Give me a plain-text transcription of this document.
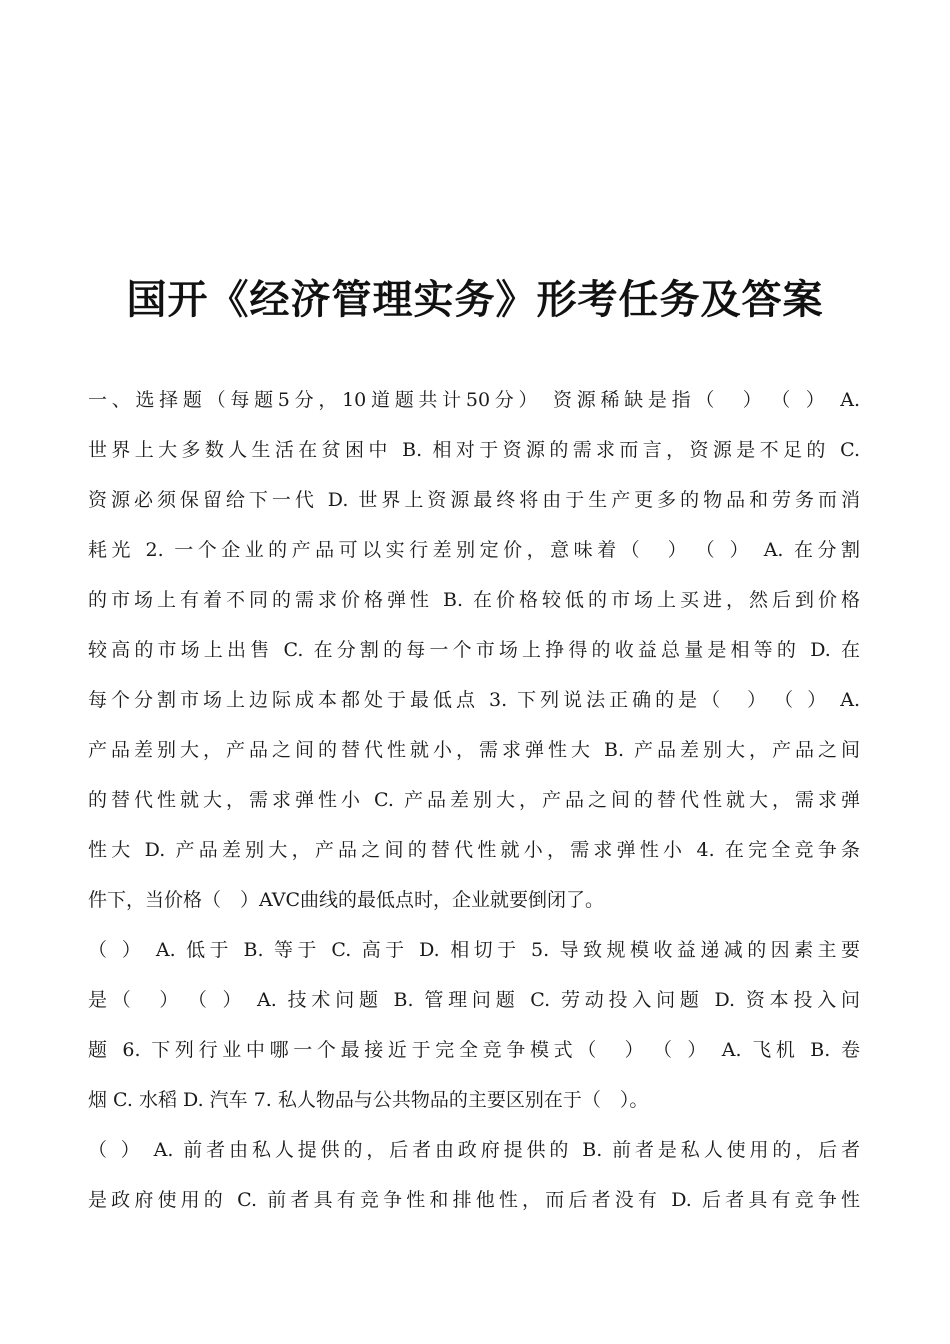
国开《经济管理实务》形考任务及答案
一、选择题（每题5分，10道题共计50分） 资源稀缺是指（　）　（ ） A.
世界上大多数人生活在贫困中 B. 相对于资源的需求而言，资源是不足的 C.
资源必须保留给下一代 D. 世界上资源最终将由于生产更多的物品和劳务而消
耗光 2. 一个企业的产品可以实行差别定价，意味着（　）　（ ） A. 在分割
的市场上有着不同的需求价格弹性 B. 在价格较低的市场上买进，然后到价格
较高的市场上出售 C. 在分割的每一个市场上挣得的收益总量是相等的 D. 在
每个分割市场上边际成本都处于最低点 3. 下列说法正确的是（　）　（ ） A.
产品差别大，产品之间的替代性就小，需求弹性大 B. 产品差别大，产品之间
的替代性就大，需求弹性小 C. 产品差别大，产品之间的替代性就大，需求弹
性大 D. 产品差别大，产品之间的替代性就小，需求弹性小 4. 在完全竞争条
件下，当价格（　）AVC曲线的最低点时，企业就要倒闭了。
（ ） A. 低于 B. 等于 C. 高于 D. 相切于 5. 导致规模收益递减的因素主要
是（　）　（ ） A. 技术问题 B. 管理问题 C. 劳动投入问题 D. 资本投入问
题 6. 下列行业中哪一个最接近于完全竞争模式（　）　（ ） A. 飞机 B. 卷
烟 C. 水稻 D. 汽车 7. 私人物品与公共物品的主要区别在于（　）。
（ ） A. 前者由私人提供的，后者由政府提供的 B. 前者是私人使用的，后者
是政府使用的 C. 前者具有竞争性和排他性，而后者没有 D. 后者具有竞争性
